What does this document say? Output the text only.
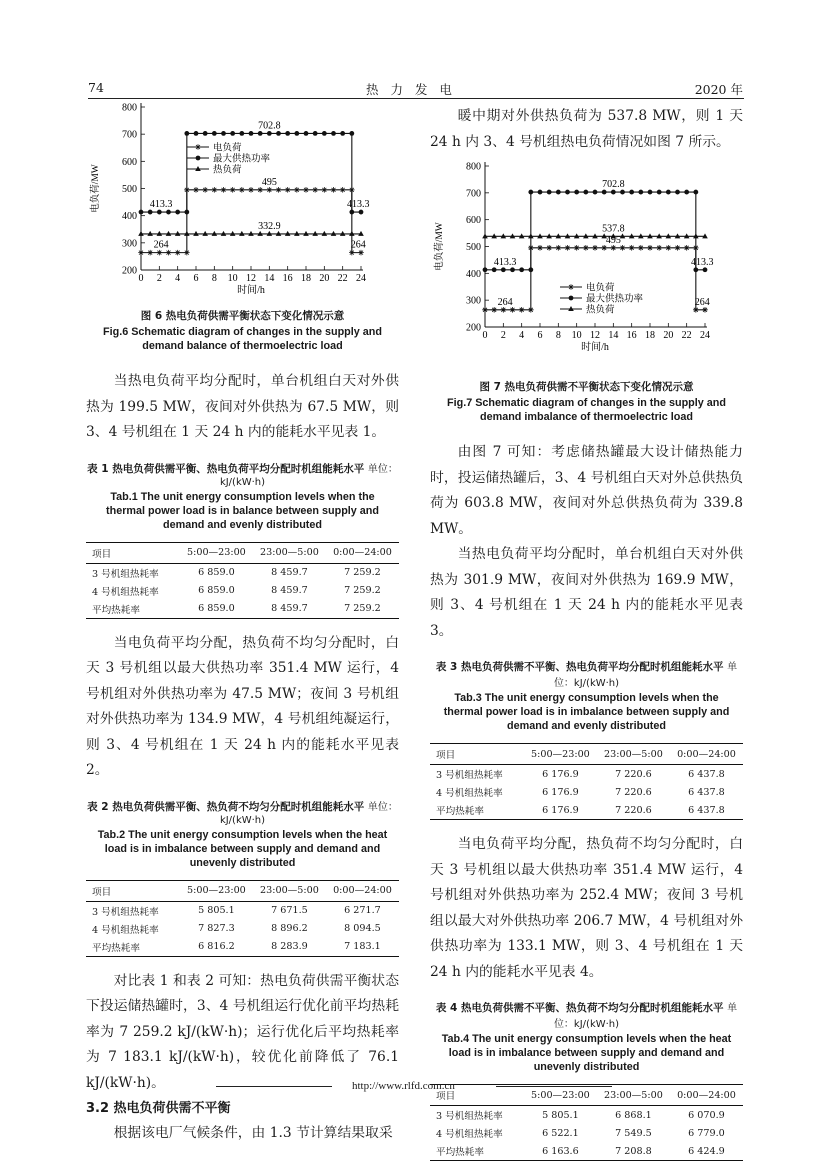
74	热 力 发 电	2020 年
200
300
400
500
600
700
800
0 2 4 6 8 10 12 14 16 18 20 22 24
时间/h
电负荷/MW
702.8
495
413.3	413.3
332.9
264	264
电负荷
最大供热功率
热负荷
图 6 热电负荷供需平衡状态下变化情况示意
Fig.6 Schematic diagram of changes in the supply and demand balance of thermoelectric load

当热电负荷平均分配时，单台机组白天对外供热为 199.5 MW，夜间对外供热为 67.5 MW，则 3、4 号机组在 1 天 24 h 内的能耗水平见表 1。

表 1 热电负荷供需平衡、热电负荷平均分配时机组能耗水平 单位：kJ/(kW·h)
Tab.1 The unit energy consumption levels when the thermal power load is in balance between supply and demand and evenly distributed
项目	5:00—23:00	23:00—5:00	0:00—24:00
3 号机组热耗率	6 859.0	8 459.7	7 259.2
4 号机组热耗率	6 859.0	8 459.7	7 259.2
平均热耗率	6 859.0	8 459.7	7 259.2

当电负荷平均分配，热负荷不均匀分配时，白天 3 号机组以最大供热功率 351.4 MW 运行，4 号机组对外供热功率为 47.5 MW；夜间 3 号机组对外供热功率为 134.9 MW，4 号机组纯凝运行，则 3、4 号机组在 1 天 24 h 内的能耗水平见表 2。

表 2 热电负荷供需平衡、热负荷不均匀分配时机组能耗水平 单位：kJ/(kW·h)
Tab.2 The unit energy consumption levels when the heat load is in imbalance between supply and demand and unevenly distributed
项目	5:00—23:00	23:00—5:00	0:00—24:00
3 号机组热耗率	5 805.1	7 671.5	6 271.7
4 号机组热耗率	7 827.3	8 896.2	8 094.5
平均热耗率	6 816.2	8 283.9	7 183.1

对比表 1 和表 2 可知：热电负荷供需平衡状态下投运储热罐时，3、4 号机组运行优化前平均热耗率为 7 259.2 kJ/(kW·h)；运行优化后平均热耗率为 7 183.1 kJ/(kW·h)，较优化前降低了 76.1 kJ/(kW·h)。

3.2 热电负荷供需不平衡

根据该电厂气候条件，由 1.3 节计算结果取采

暖中期对外供热负荷为 537.8 MW，则 1 天 24 h 内 3、4 号机组热电负荷情况如图 7 所示。

200
300
400
500
600
700
800
0 2 4 6 8 10 12 14 16 18 20 22 24
时间/h
电负荷/MW
702.8
537.8
495
413.3	413.3
264	264
电负荷
最大供热功率
热负荷
图 7 热电负荷供需不平衡状态下变化情况示意
Fig.7 Schematic diagram of changes in the supply and demand imbalance of thermoelectric load

由图 7 可知：考虑储热罐最大设计储热能力时，投运储热罐后，3、4 号机组白天对外总供热负荷为 603.8 MW，夜间对外总供热负荷为 339.8 MW。

当热电负荷平均分配时，单台机组白天对外供热为 301.9 MW，夜间对外供热为 169.9 MW，则 3、4 号机组在 1 天 24 h 内的能耗水平见表 3。

表 3 热电负荷供需不平衡、热电负荷平均分配时机组能耗水平 单位：kJ/(kW·h)
Tab.3 The unit energy consumption levels when the thermal power load is in imbalance between supply and demand and evenly distributed
项目	5:00—23:00	23:00—5:00	0:00—24:00
3 号机组热耗率	6 176.9	7 220.6	6 437.8
4 号机组热耗率	6 176.9	7 220.6	6 437.8
平均热耗率	6 176.9	7 220.6	6 437.8

当电负荷平均分配，热负荷不均匀分配时，白天 3 号机组以最大供热功率 351.4 MW 运行，4 号机组对外供热功率为 252.4 MW；夜间 3 号机组以最大对外供热功率 206.7 MW，4 号机组对外供热功率为 133.1 MW，则 3、4 号机组在 1 天 24 h 内的能耗水平见表 4。

表 4 热电负荷供需不平衡、热负荷不均匀分配时机组能耗水平 单位：kJ/(kW·h)
Tab.4 The unit energy consumption levels when the heat load is in imbalance between supply and demand and unevenly distributed
项目	5:00—23:00	23:00—5:00	0:00—24:00
3 号机组热耗率	5 805.1	6 868.1	6 070.9
4 号机组热耗率	6 522.1	7 549.5	6 779.0
平均热耗率	6 163.6	7 208.8	6 424.9
http://www.rlfd.com.cn
